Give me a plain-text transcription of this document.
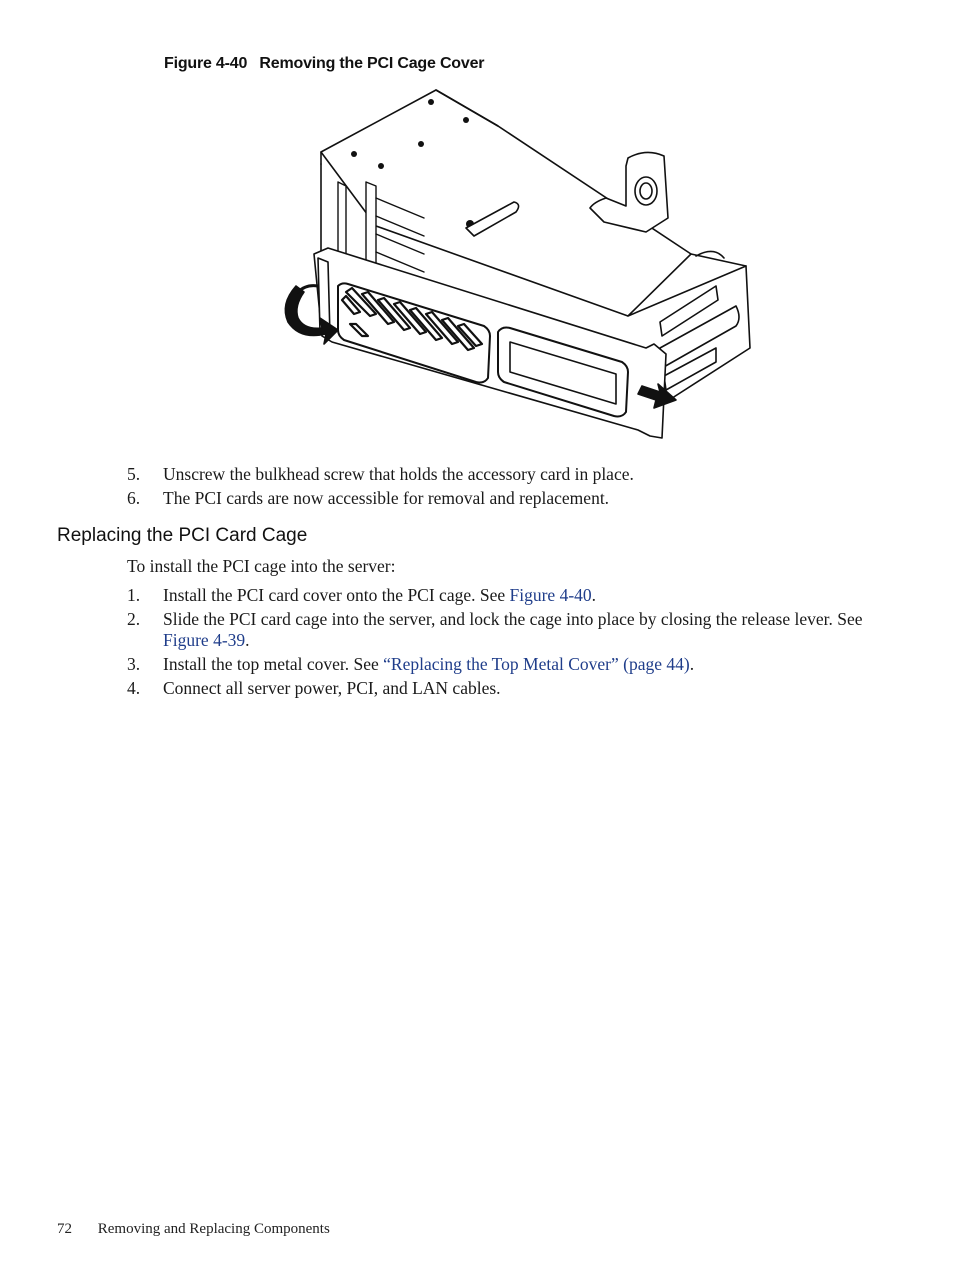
Figure 4-40 Removing the PCI Cage Cover
5. Unscrew the bulkhead screw that holds the accessory card in place.
6. The PCI cards are now accessible for removal and replacement.
Replacing the PCI Card Cage
To install the PCI cage into the server:
1. Install the PCI card cover onto the PCI cage. See Figure 4-40.
2. Slide the PCI card cage into the server, and lock the cage into place by closing the release lever. See Figure 4-39.
3. Install the top metal cover. See “Replacing the Top Metal Cover” (page 44).
4. Connect all server power, PCI, and LAN cables.
72 Removing and Replacing Components
